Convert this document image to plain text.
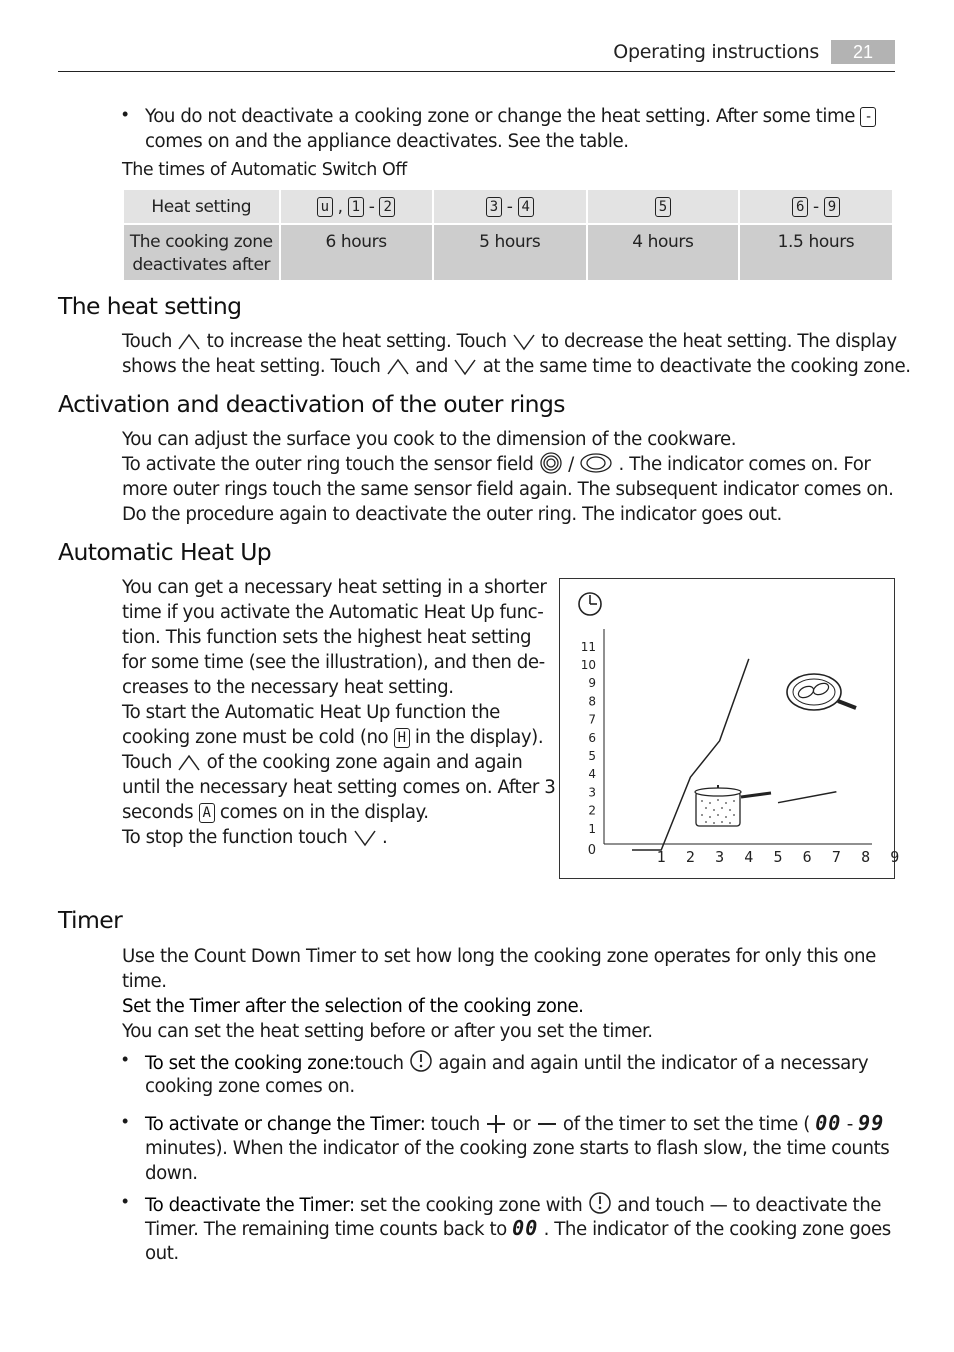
Operating instructions	21
• You do not deactivate a cooking zone or change the heat setting. After some time -
comes on and the appliance deactivates. See the table.
The times of Automatic Switch Off
Heat setting	u , 1 - 2	3 - 4	5	6 - 9
The cooking zone
deactivates after	6 hours	5 hours	4 hours	1.5 hours
The heat setting
Touch to increase the heat setting. Touch to decrease the heat setting. The display
shows the heat setting. Touch and at the same time to deactivate the cooking zone.
Activation and deactivation of the outer rings
You can adjust the surface you cook to the dimension of the cookware.
To activate the outer ring touch the sensor field / . The indicator comes on. For
more outer rings touch the same sensor field again. The subsequent indicator comes on.
Do the procedure again to deactivate the outer ring. The indicator goes out.
Automatic Heat Up
You can get a necessary heat setting in a shorter
time if you activate the Automatic Heat Up func-
tion. This function sets the highest heat setting
for some time (see the illustration), and then de-
creases to the necessary heat setting.
To start the Automatic Heat Up function the
cooking zone must be cold (no H in the display).
Touch of the cooking zone again and again
until the necessary heat setting comes on. After 3
seconds A comes on in the display.
To stop the function touch .
0
1
2
3
4
5
6
7
8
9
10
11
1 2 3 4 5 6 7 8 9
Timer
Use the Count Down Timer to set how long the cooking zone operates for only this one
time.
Set the Timer after the selection of the cooking zone.
You can set the heat setting before or after you set the timer.
• To set the cooking zone:touch again and again until the indicator of a necessary
cooking zone comes on.
• To activate or change the Timer: touch or of the timer to set the time ( 00 - 99
minutes). When the indicator of the cooking zone starts to flash slow, the time counts
down.
• To deactivate the Timer: set the cooking zone with and touch — to deactivate the
Timer. The remaining time counts back to 00 . The indicator of the cooking zone goes
out.
